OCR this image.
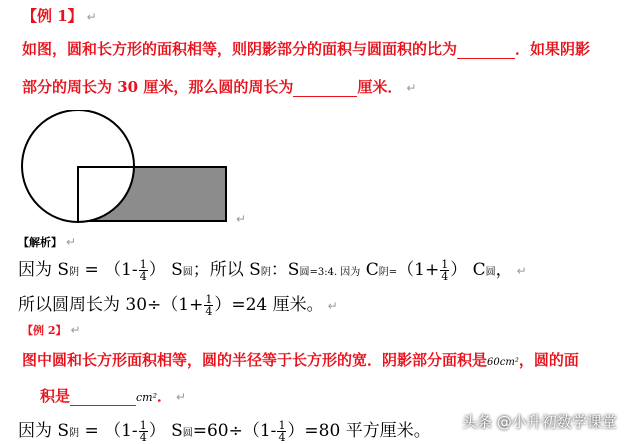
【例 1】 ↵
如图，圆和长方形的面积相等，则阴影部分的面积与圆面积的比为	．如果阴影
部分的周长为 30 厘米，那么圆的周长为	厘米． ↵
↵
【解析】 ↵
因为 S阴 = （$1- \frac{1}{4}$ ） S圆；所以 S阴：S圆=3:4. 因为 C阴$=(1+ \frac{1}{4}$ ） C圆， ↵
所以圆周长为 $30\div(1+ \frac{1}{4} )=24$ 厘米。 ↵
【例 2】 ↵
图中圆和长方形面积相等，圆的半径等于长方形的宽．阴影部分面积是60cm²，圆的面
积是	cm²． ↵
因为 S阴 = （$1- \frac{1}{4}$ ） S圆$=60\div(1- \frac{1}{4} )=80$ 平方厘米。 头条 @小升初数学课堂
